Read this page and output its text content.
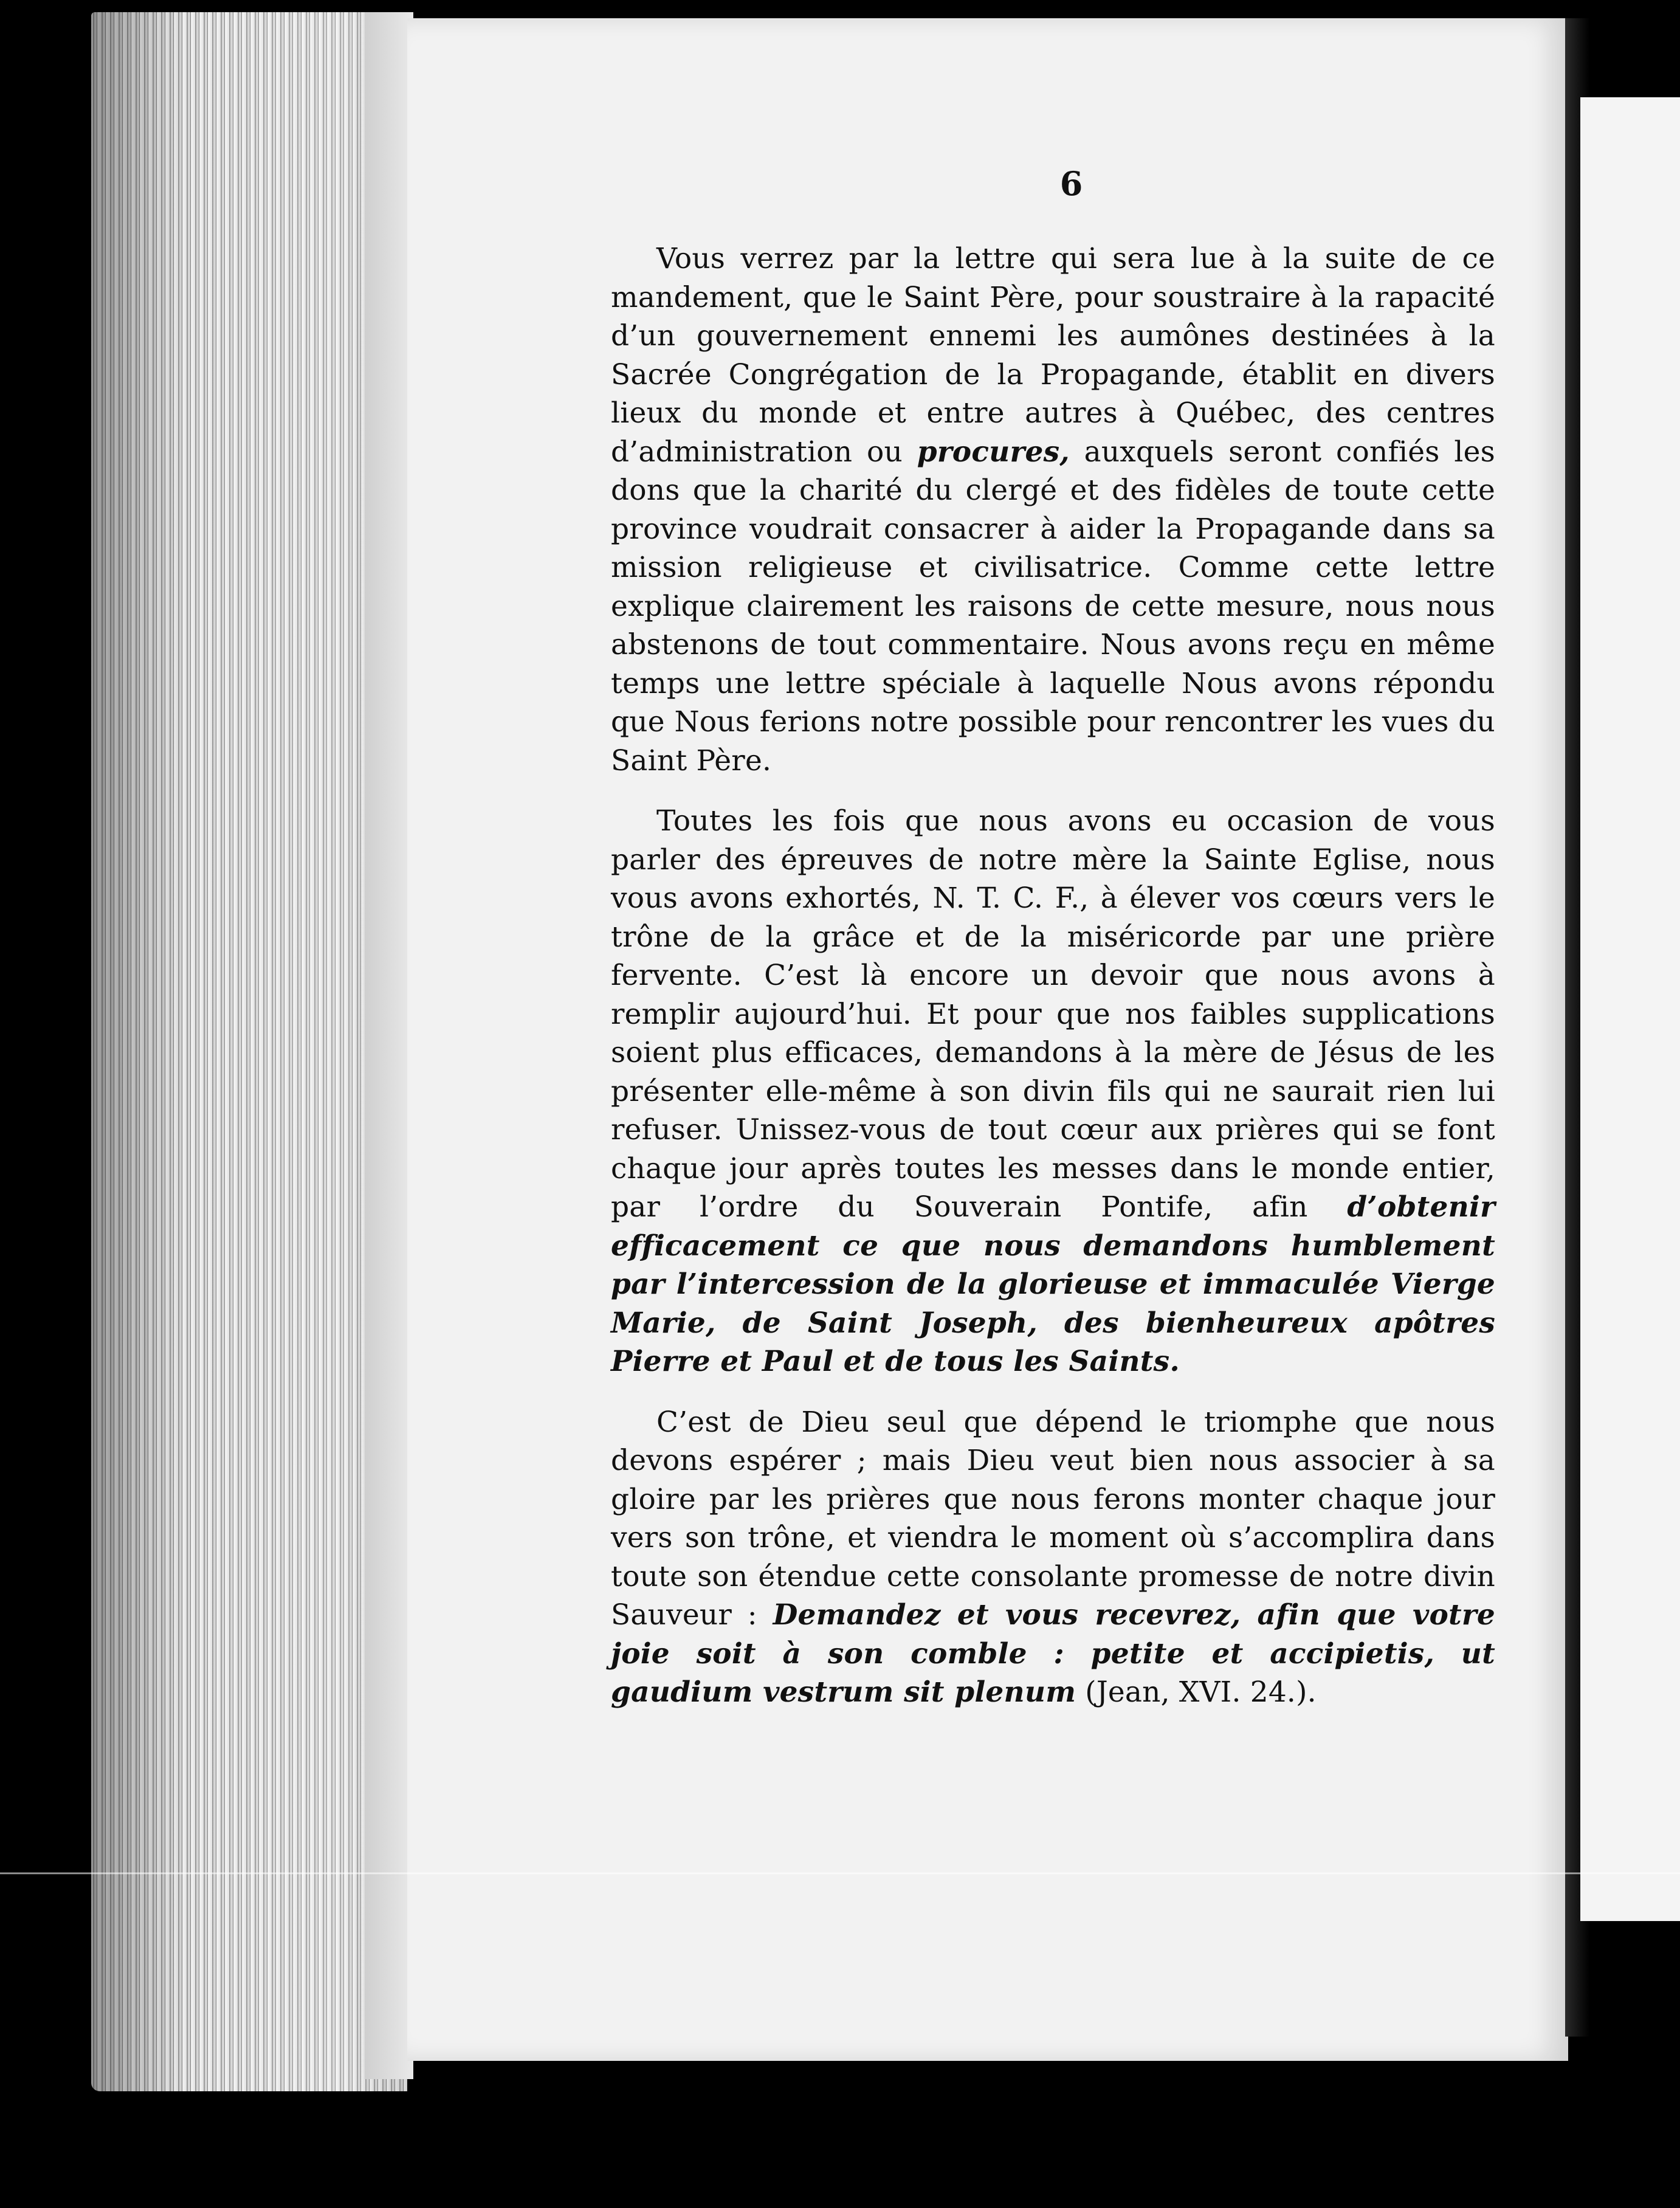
6

Vous verrez par la lettre qui sera lue à la suite de ce mandement, que le Saint Père, pour soustraire à la rapacité d’un gouvernement ennemi les aumônes destinées à la Sacrée Congrégation de la Propagande, établit en divers lieux du monde et entre autres à Québec, des centres d’administration ou procures, auxquels seront confiés les dons que la charité du clergé et des fidèles de toute cette province voudrait consacrer à aider la Propagande dans sa mission religieuse et civilisatrice. Comme cette lettre explique clairement les raisons de cette mesure, nous nous abstenons de tout commentaire. Nous avons reçu en même temps une lettre spéciale à laquelle Nous avons répondu que Nous ferions notre possible pour rencontrer les vues du Saint Père.

Toutes les fois que nous avons eu occasion de vous parler des épreuves de notre mère la Sainte Eglise, nous vous avons exhortés, N. T. C. F., à élever vos cœurs vers le trône de la grâce et de la miséricorde par une prière fervente. C’est là encore un devoir que nous avons à remplir aujourd’hui. Et pour que nos faibles supplications soient plus efficaces, demandons à la mère de Jésus de les présenter elle-même à son divin fils qui ne saurait rien lui refuser. Unissez-vous de tout cœur aux prières qui se font chaque jour après toutes les messes dans le monde entier, par l’ordre du Souverain Pontife, afin d’obtenir efficacement ce que nous demandons humblement par l’intercession de la glorieuse et immaculée Vierge Marie, de Saint Joseph, des bienheureux apôtres Pierre et Paul et de tous les Saints.

C’est de Dieu seul que dépend le triomphe que nous devons espérer ; mais Dieu veut bien nous associer à sa gloire par les prières que nous ferons monter chaque jour vers son trône, et viendra le moment où s’accomplira dans toute son étendue cette consolante promesse de notre divin Sauveur : Demandez et vous recevrez, afin que votre joie soit à son comble : petite et accipietis, ut gaudium vestrum sit plenum (Jean, XVI. 24.).
